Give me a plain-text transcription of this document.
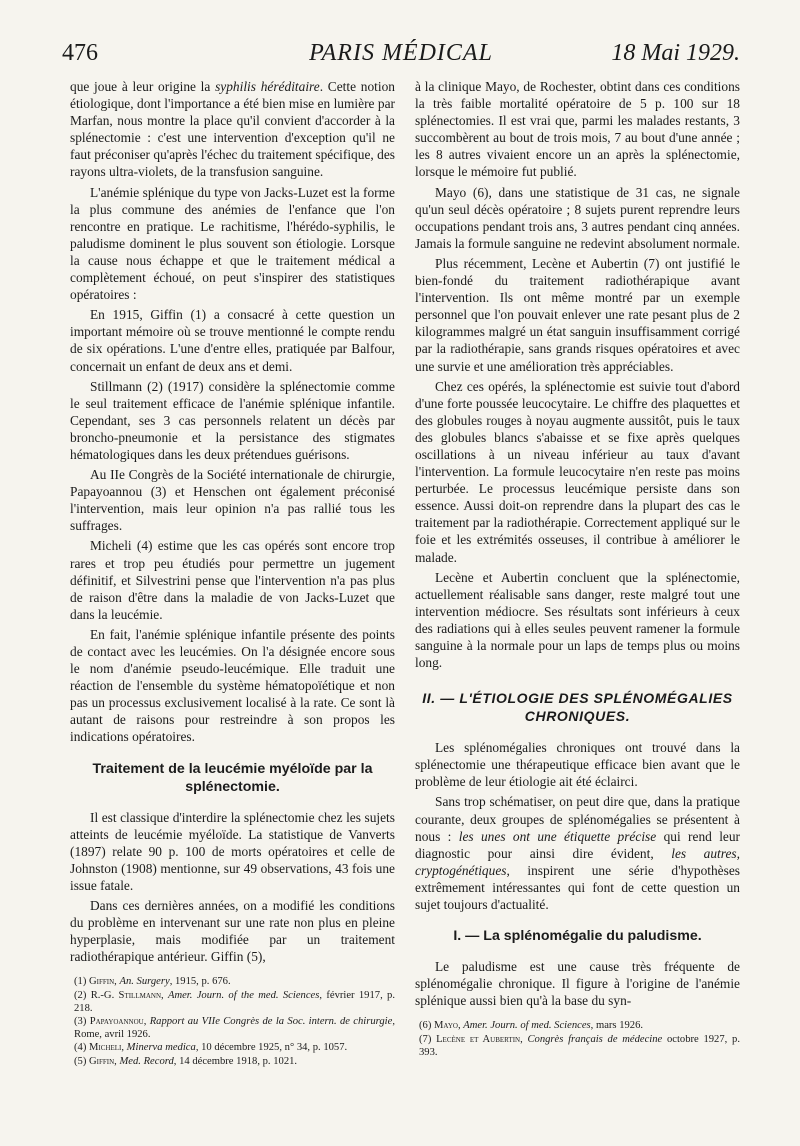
476	PARIS MÉDICAL	18 Mai 1929.

que joue à leur origine la syphilis héréditaire. Cette notion étiologique, dont l'importance a été bien mise en lumière par Marfan, nous montre la place qu'il convient d'accorder à la splénectomie : c'est une intervention d'exception qu'il ne faut préconiser qu'après l'échec du traitement spécifique, des rayons ultra-violets, de la transfusion sanguine.

L'anémie splénique du type von Jacks-Luzet est la forme la plus commune des anémies de l'enfance que l'on rencontre en pratique. Le rachitisme, l'hérédo-syphilis, le paludisme dominent le plus souvent son étiologie. Lorsque la cause nous échappe et que le traitement médical a complètement échoué, on peut s'inspirer des statistiques opératoires :

En 1915, Giffin (1) a consacré à cette question un important mémoire où se trouve mentionné le compte rendu de six opérations. L'une d'entre elles, pratiquée par Balfour, concernait un enfant de deux ans et demi.

Stillmann (2) (1917) considère la splénectomie comme le seul traitement efficace de l'anémie splénique infantile. Cependant, ses 3 cas personnels relatent un décès par broncho-pneumonie et la persistance des stigmates hématologiques dans les deux prétendues guérisons.

Au IIe Congrès de la Société internationale de chirurgie, Papayoannou (3) et Henschen ont également préconisé l'intervention, mais leur opinion n'a pas rallié tous les suffrages.

Micheli (4) estime que les cas opérés sont encore trop rares et trop peu étudiés pour permettre un jugement définitif, et Silvestrini pense que l'intervention n'a pas plus de raison d'être dans la maladie de von Jacks-Luzet que dans la leucémie.

En fait, l'anémie splénique infantile présente des points de contact avec les leucémies. On l'a désignée encore sous le nom d'anémie pseudo-leucémique. Elle traduit une réaction de l'ensemble du système hématopoïétique et non pas un processus exclusivement localisé à la rate. Ce sont là autant de raisons pour restreindre à son propos les indications opératoires.

Traitement de la leucémie myéloïde par la splénectomie.

Il est classique d'interdire la splénectomie chez les sujets atteints de leucémie myéloïde. La statistique de Vanverts (1897) relate 90 p. 100 de morts opératoires et celle de Johnston (1908) mentionne, sur 49 observations, 43 fois une issue fatale.

Dans ces dernières années, on a modifié les conditions du problème en intervenant sur une rate non plus en pleine hyperplasie, mais modifiée par un traitement radiothérapique antérieur. Giffin (5),

(1) Giffin, An. Surgery, 1915, p. 676.

(2) R.-G. Stillmann, Amer. Journ. of the med. Sciences, février 1917, p. 218.

(3) Papayoannou, Rapport au VIIe Congrès de la Soc. intern. de chirurgie, Rome, avril 1926.

(4) Micheli, Minerva medica, 10 décembre 1925, n° 34, p. 1057.

(5) Giffin, Med. Record, 14 décembre 1918, p. 1021.

à la clinique Mayo, de Rochester, obtint dans ces conditions la très faible mortalité opératoire de 5 p. 100 sur 18 splénectomies. Il est vrai que, parmi les malades restants, 3 succombèrent au bout de trois mois, 7 au bout d'une année ; les 8 autres vivaient encore un an après la splénectomie, lorsque le mémoire fut publié.

Mayo (6), dans une statistique de 31 cas, ne signale qu'un seul décès opératoire ; 8 sujets purent reprendre leurs occupations pendant trois ans, 3 autres pendant cinq années. Jamais la formule sanguine ne redevint absolument normale.

Plus récemment, Lecène et Aubertin (7) ont justifié le bien-fondé du traitement radiothérapique avant l'intervention. Ils ont même montré par un exemple personnel que l'on pouvait enlever une rate pesant plus de 2 kilogrammes malgré un état sanguin insuffisamment corrigé par la radiothérapie, sans grands risques opératoires et avec une survie et une amélioration très appréciables.

Chez ces opérés, la splénectomie est suivie tout d'abord d'une forte poussée leucocytaire. Le chiffre des plaquettes et des globules rouges à noyau augmente aussitôt, puis le taux des globules blancs s'abaisse et se fixe après quelques oscillations à un niveau inférieur au taux d'avant l'intervention. La formule leucocytaire n'en reste pas moins perturbée. Le processus leucémique persiste dans son essence. Aussi doit-on reprendre dans la plupart des cas le traitement par la radiothérapie. Correctement appliqué sur le foie et les extrémités osseuses, il contribue à améliorer le malade.

Lecène et Aubertin concluent que la splénectomie, actuellement réalisable sans danger, reste malgré tout une intervention médiocre. Ses résultats sont inférieurs à ceux des radiations qui à elles seules peuvent ramener la formule sanguine à la normale pour un laps de temps plus ou moins long.

II. — L'ÉTIOLOGIE DES SPLÉNOMÉGALIES CHRONIQUES.

Les splénomégalies chroniques ont trouvé dans la splénectomie une thérapeutique efficace bien avant que le problème de leur étiologie ait été éclairci.

Sans trop schématiser, on peut dire que, dans la pratique courante, deux groupes de splénomégalies se présentent à nous : les unes ont une étiquette précise qui rend leur diagnostic pour ainsi dire évident, les autres, cryptogénétiques, inspirent une série d'hypothèses extrêmement intéressantes qui font de cette question un sujet toujours d'actualité.

I. — La splénomégalie du paludisme.

Le paludisme est une cause très fréquente de splénomégalie chronique. Il figure à l'origine de l'anémie splénique aussi bien qu'à la base du syn-

(6) Mayo, Amer. Journ. of med. Sciences, mars 1926.

(7) Lecène et Aubertin, Congrès français de médecine octobre 1927, p. 393.
